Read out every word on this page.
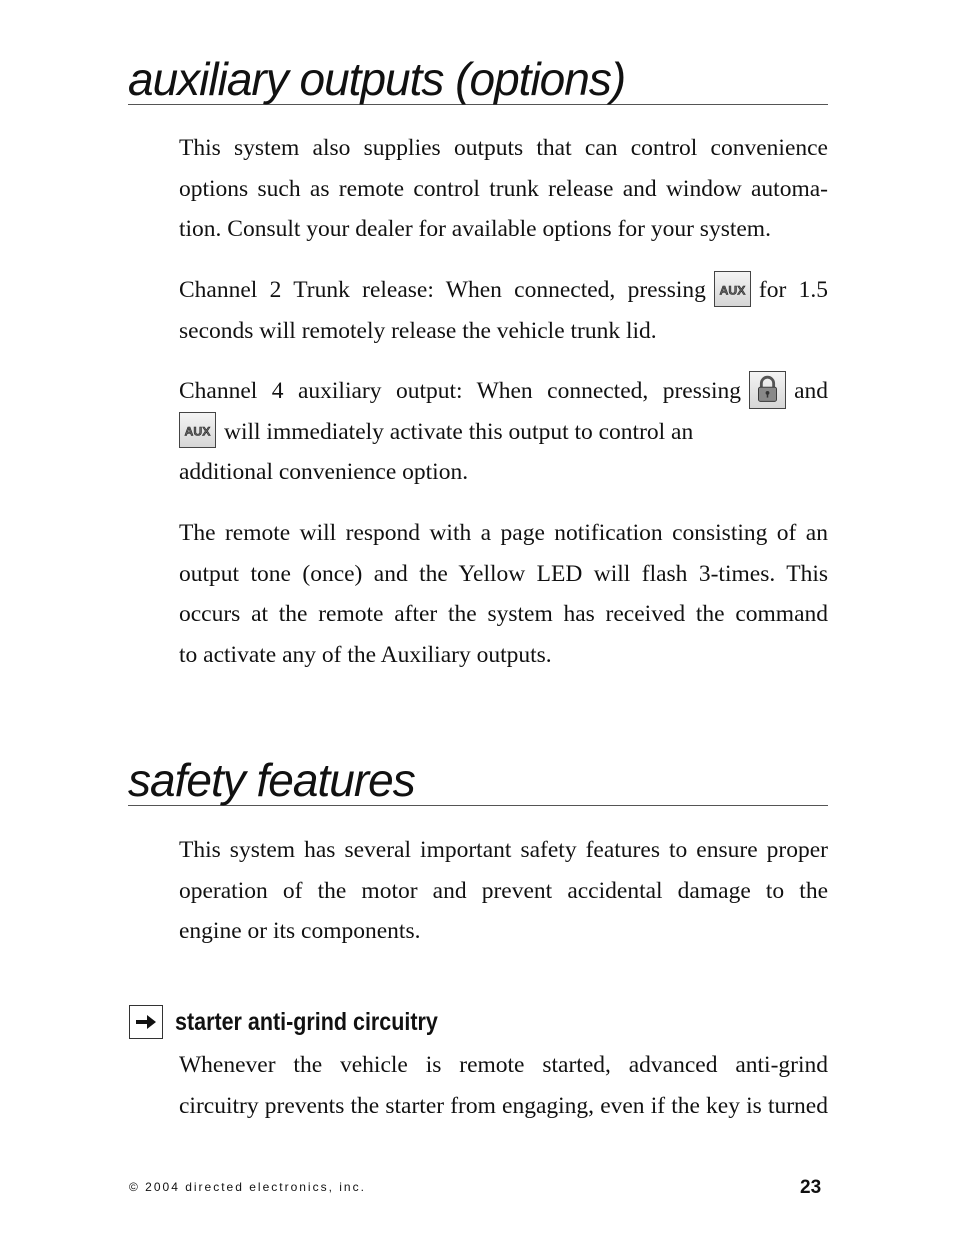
auxiliary outputs (options)
This system also supplies outputs that can control convenience
options such as remote control trunk release and window automa-
tion. Consult your dealer for available options for your system.
Channel 2 Trunk release: When connected, pressing AUX for 1.5
seconds will remotely release the vehicle trunk lid.
Channel 4 auxiliary output: When connected, pressing and
AUX will immediately activate this output to control an
additional convenience option.
The remote will respond with a page notification consisting of an
output tone (once) and the Yellow LED will flash 3-times. This
occurs at the remote after the system has received the command
to activate any of the Auxiliary outputs.
safety features
This system has several important safety features to ensure proper
operation of the motor and prevent accidental damage to the
engine or its components.
starter anti-grind circuitry
Whenever the vehicle is remote started, advanced anti-grind
circuitry prevents the starter from engaging, even if the key is turned
© 2004 directed electronics, inc.	23
